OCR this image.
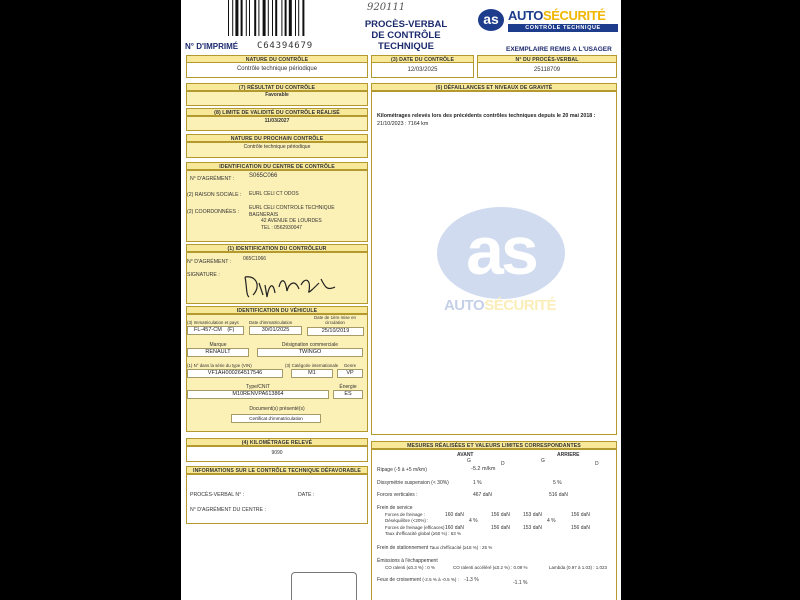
920111
PROCÈS-VERBAL
DE CONTRÔLE TECHNIQUE
as AUTOSÉCURITÉ
CONTRÔLE TECHNIQUE
N° D'IMPRIMÉ C64394679	EXEMPLAIRE REMIS A L'USAGER
NATURE DU CONTRÔLE
Contrôle technique périodique
(3) DATE DU CONTRÔLE
12/03/2025
N° DU PROCÈS-VERBAL
25118709
(7) RÉSULTAT DU CONTRÔLE
Favorable
(8) LIMITE DE VALIDITÉ DU CONTRÔLE RÉALISÉ
11/03/2027
NATURE DU PROCHAIN CONTRÔLE
Contrôle technique périodique
IDENTIFICATION DU CENTRE DE CONTRÔLE
N° D'AGRÉMENT : S065C066
(2) RAISON SOCIALE : EURL CELI CT ODOS
(2) COORDONNÉES :
EURL CELI CONTROLE TECHNIQUE
BAGNERAIS
42 AVENUE DE LOURDES
TEL : 0562930047
(1) IDENTIFICATION DU CONTRÔLEUR
N° D'AGRÉMENT : 065C1066
SIGNATURE :
IDENTIFICATION DU VÉHICULE
(3) Immatriculation et pays
FL-457-CM (F)
Date d'immatriculation
30/01/2025
Date de 1ère mise en circulation
25/10/2019
Marque
RENAULT
Désignation commerciale
TWINGO
(1) N° dans la série du type (VIN)
VF1AH000264517546
(3) Catégorie internationale
M1
Genre
VP
Type/CNIT
M10RENVPA613864
Énergie
ES
Document(s) présenté(s)
Certificat d'immatriculation
(4) KILOMÉTRAGE RELEVÉ
9090
INFORMATIONS SUR LE CONTRÔLE TECHNIQUE DÉFAVORABLE
PROCÈS-VERBAL N° :	DATE :
N° D'AGRÉMENT DU CENTRE :
(6) DÉFAILLANCES ET NIVEAUX DE GRAVITÉ
Kilométrages relevés lors des précédents contrôles techniques depuis le 20 mai 2018 : 21/10/2023 : 7164 km
as
AUTOSÉCURITÉ
MESURES RÉALISÉES ET VALEURS LIMITES CORRESPONDANTES
AVANT	ARRIERE
G	D	G	D
Ripage (-5 à +5 m/km)	-5.2 m/km
Dissymétrie suspension (< 30%)	1 %	5 %
Forces verticales :	467 daN	516 daN
Frein de service
Forces de freinage :	160 daN	156 daN	153 daN	156 daN
Déséquilibre (<20%) :	4 %	4 %
Forces de freinage (efficaces) :
160 daN	156 daN	153 daN	156 daN
Taux d'efficacité global (≥50 %) : 63 %
Frein de stationnement Taux d'efficacité (≥18 %) : 25 %
Émissions à l'échappement
CO ralenti (≤0.3 %) : 0 %	CO ralenti accéléré (≤0.2 %) : 0.09 %	Lambda (0.97 à 1.03) : 1.023
Feux de croisement (-2.5 % à -0.5 %) : -1.3 %	-1.1 %
